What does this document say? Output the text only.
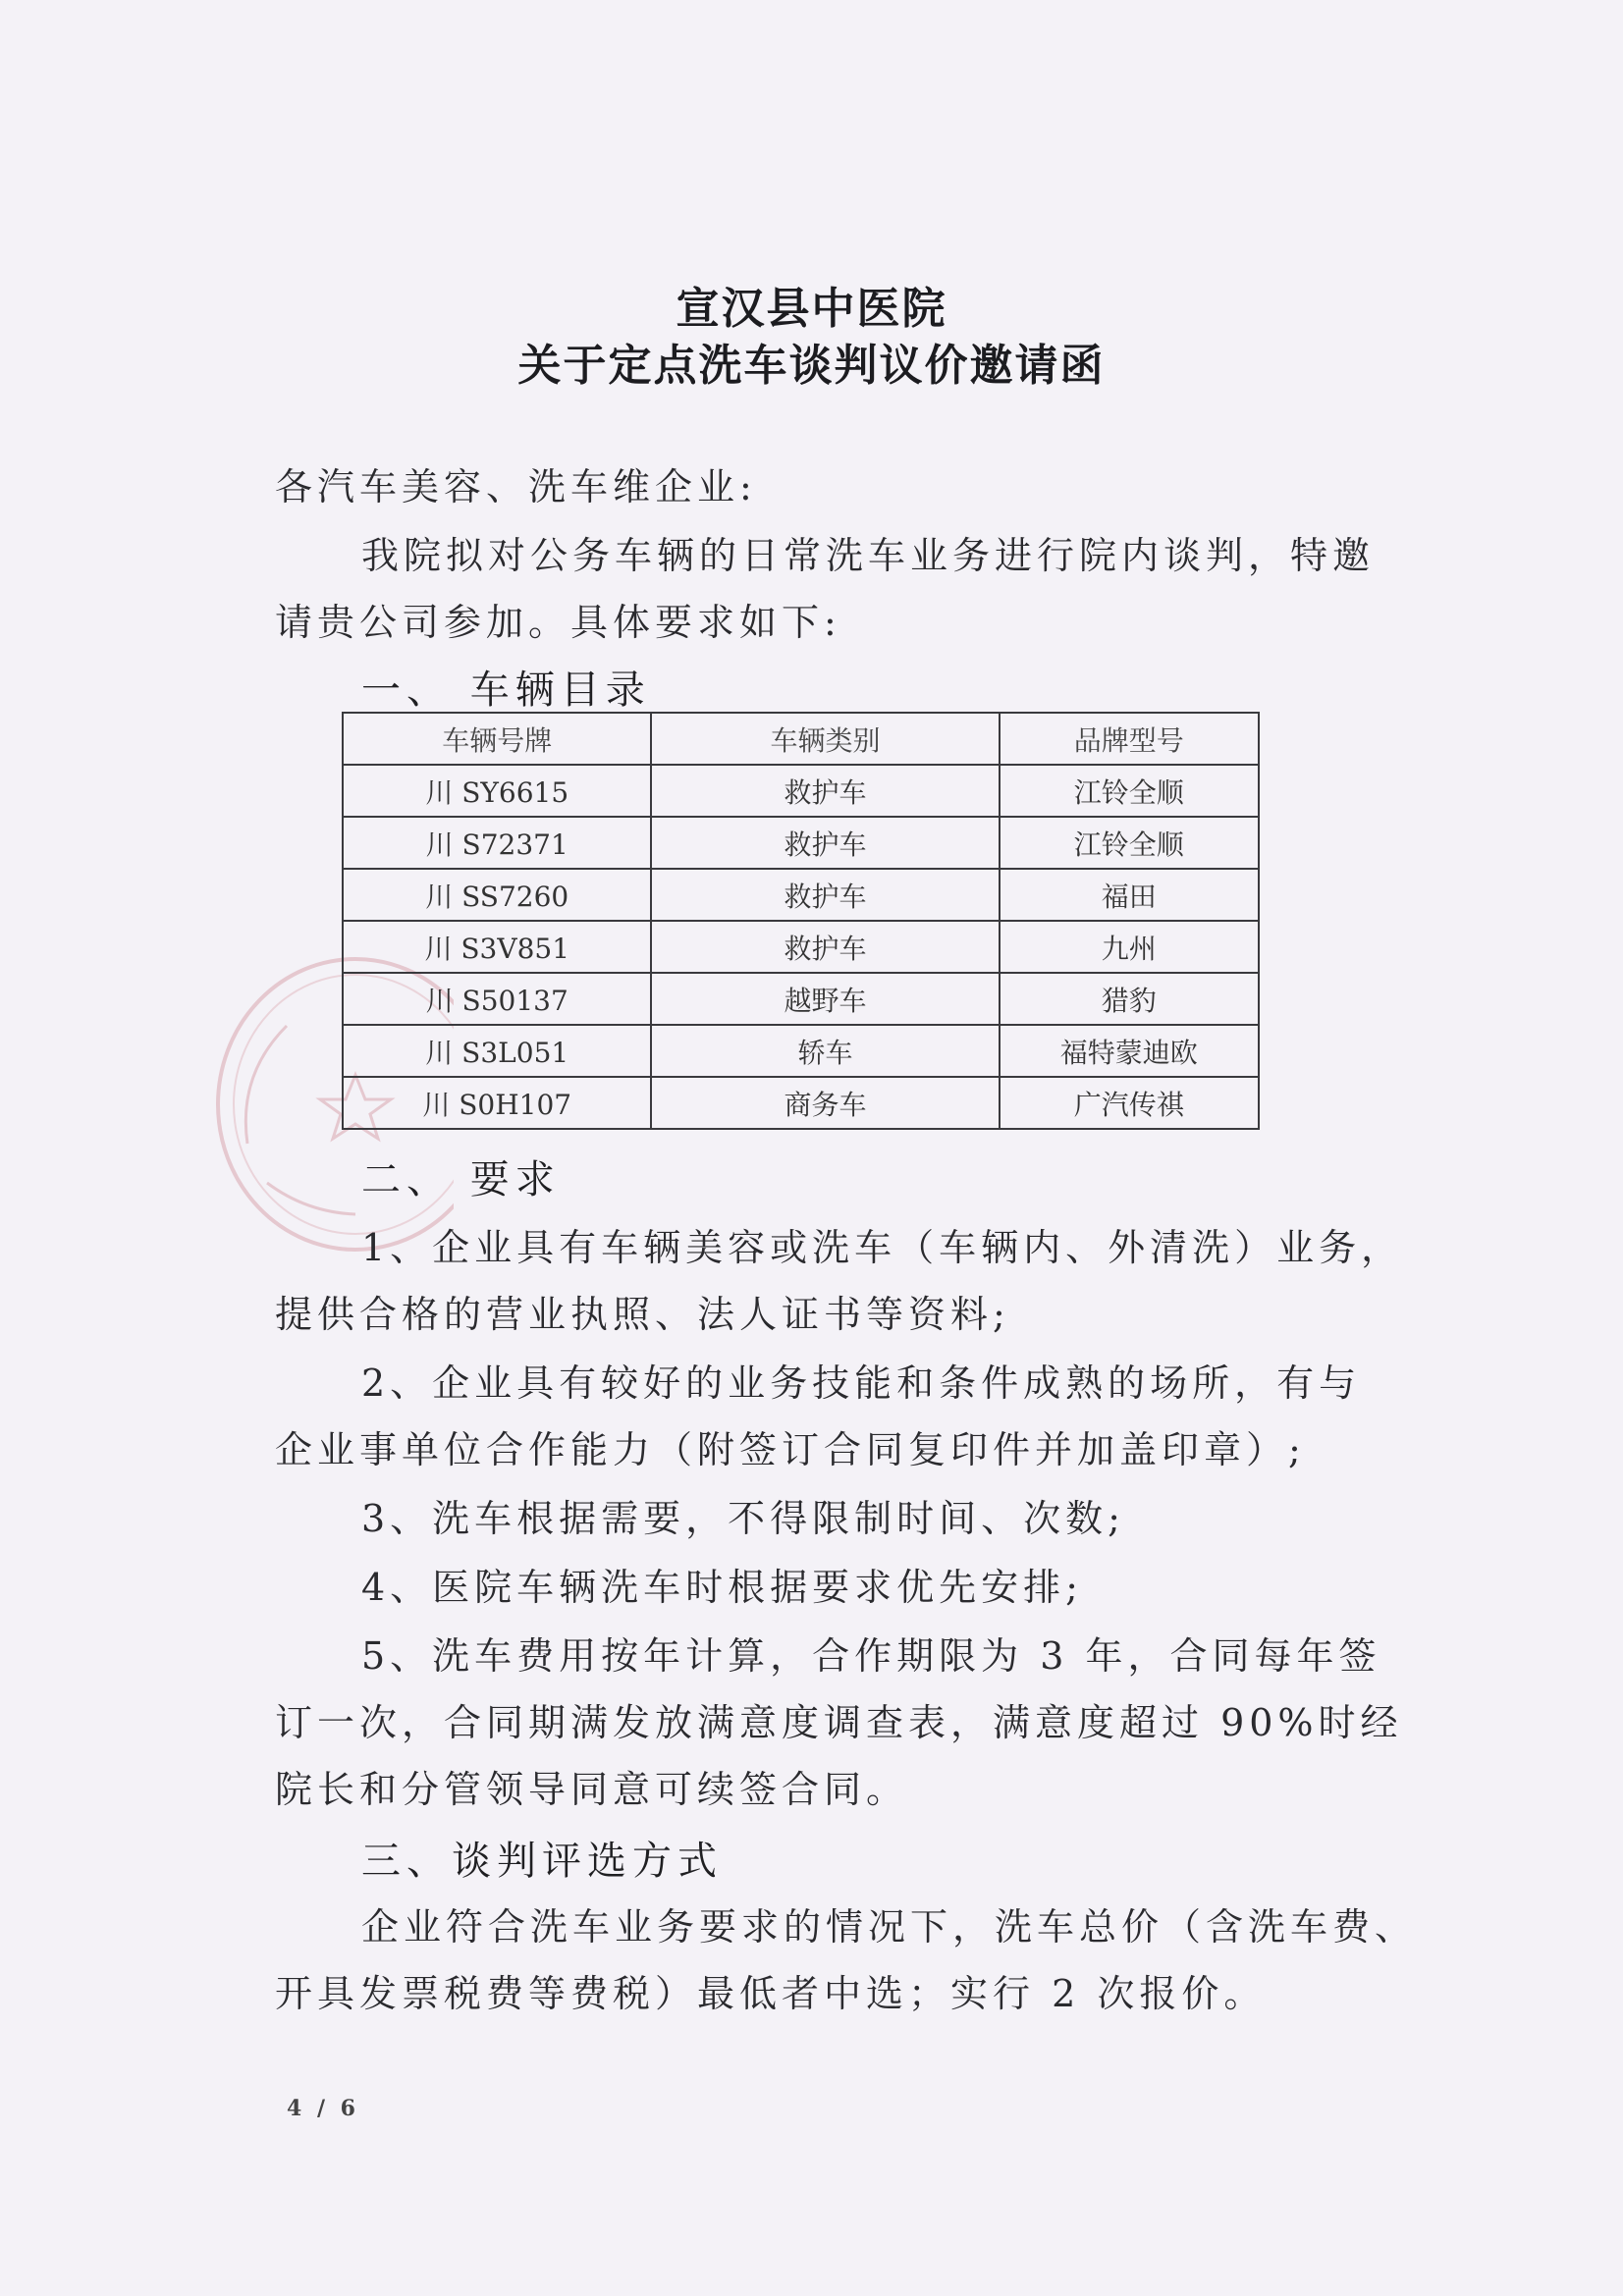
宣汉县中医院
关于定点洗车谈判议价邀请函
各汽车美容、洗车维企业:
我院拟对公务车辆的日常洗车业务进行院内谈判，特邀
请贵公司参加。具体要求如下:
一、 车辆目录
车辆号牌	车辆类别	品牌型号
川 SY6615	救护车	江铃全顺
川 S72371	救护车	江铃全顺
川 SS7260	救护车	福田
川 S3V851	救护车	九州
川 S50137	越野车	猎豹
川 S3L051	轿车	福特蒙迪欧
川 S0H107	商务车	广汽传祺
二、 要求
1、企业具有车辆美容或洗车（车辆内、外清洗）业务，
提供合格的营业执照、法人证书等资料;
2、企业具有较好的业务技能和条件成熟的场所，有与
企业事单位合作能力（附签订合同复印件并加盖印章）;
3、洗车根据需要，不得限制时间、次数;
4、医院车辆洗车时根据要求优先安排;
5、洗车费用按年计算，合作期限为 3 年，合同每年签
订一次，合同期满发放满意度调查表，满意度超过 90%时经
院长和分管领导同意可续签合同。
三、谈判评选方式
企业符合洗车业务要求的情况下，洗车总价（含洗车费、
开具发票税费等费税）最低者中选；实行 2 次报价。
4 / 6
